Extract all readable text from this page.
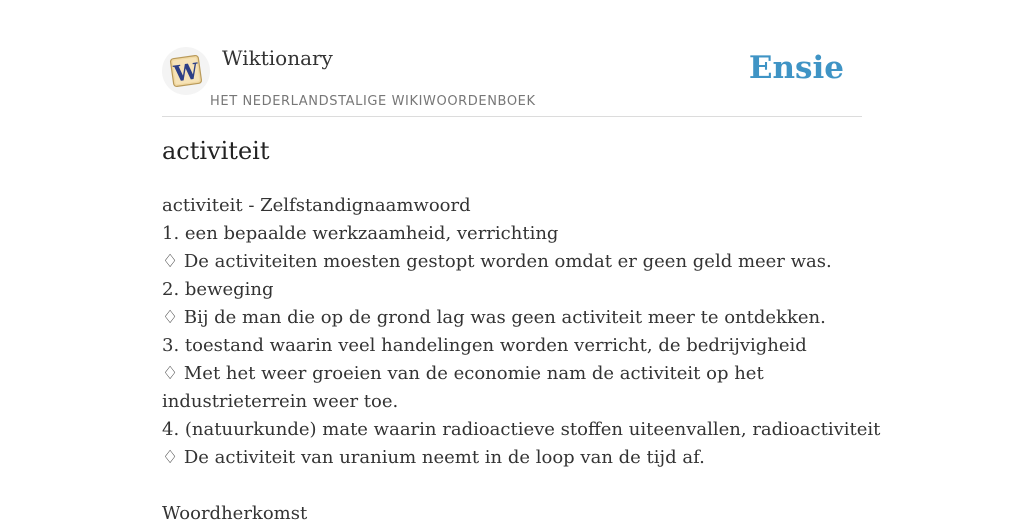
W
Wiktionary
HET NEDERLANDSTALIGE WIKIWOORDENBOEK
Ensie
activiteit
activiteit - Zelfstandignaamwoord
1. een bepaalde werkzaamheid, verrichting
♢ De activiteiten moesten gestopt worden omdat er geen geld meer was.
2. beweging
♢ Bij de man die op de grond lag was geen activiteit meer te ontdekken.
3. toestand waarin veel handelingen worden verricht, de bedrijvigheid
♢ Met het weer groeien van de economie nam de activiteit op het industrieterrein weer toe.
4. (natuurkunde) mate waarin radioactieve stoffen uiteenvallen, radioactiviteit
♢ De activiteit van uranium neemt in de loop van de tijd af.
Woordherkomst
